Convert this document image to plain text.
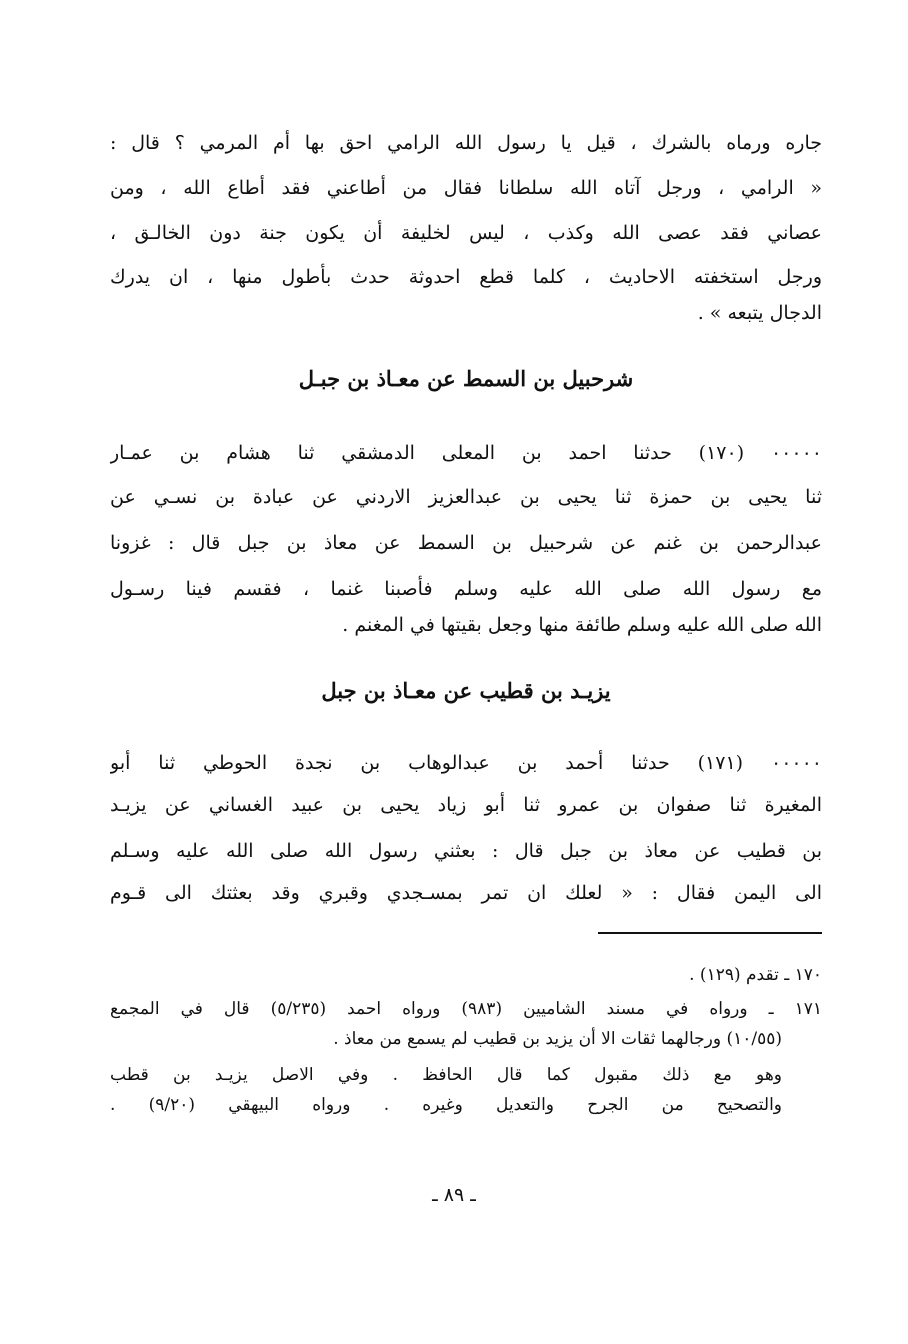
جاره ورماه بالشرك ، قيل يا رسول الله الرامي احق بها أم المرمي ؟ قال :
« الرامي ، ورجل آتاه الله سلطانا فقال من أطاعني فقد أطاع الله ، ومن
عصاني فقد عصى الله وكذب ، ليس لخليفة أن يكون جنة دون الخالـق ،
ورجل استخفته الاحاديث ، كلما قطع احدوثة حدث بأطول منها ، ان يدرك
الدجال يتبعه » .
شرحبيل بن السمط عن معـاذ بن جبـل
٠٠٠٠٠ (١٧٠) حدثنا احمد بن المعلى الدمشقي ثنا هشام بن عمـار
ثنا يحيى بن حمزة ثنا يحيى بن عبدالعزيز الاردني عن عبادة بن نسـي عن
عبدالرحمن بن غنم عن شرحبيل بن السمط عن معاذ بن جبل قال : غزونا
مع رسول الله صلى الله عليه وسلم فأصبنا غنما ، فقسم فينا رسـول
الله صلى الله عليه وسلم طائفة منها وجعل بقيتها في المغنم .
يزيـد بن قطيب عن معـاذ بن جبل
٠٠٠٠٠ (١٧١) حدثنا أحمد بن عبدالوهاب بن نجدة الحوطي ثنا أبو
المغيرة ثنا صفوان بن عمرو ثنا أبو زياد يحيى بن عبيد الغساني عن يزيـد
بن قطيب عن معاذ بن جبل قال : بعثني رسول الله صلى الله عليه وسـلم
الى اليمن فقال : « لعلك ان تمر بمسـجدي وقبري وقد بعثتك الى قـوم
١٧٠ ـ تقدم (١٢٩) .
١٧١ ـ ورواه في مسند الشاميين (٩٨٣) ورواه احمد (٥/٢٣٥) قال في المجمع
(١٠/٥٥) ورجالهما ثقات الا أن يزيد بن قطيب لم يسمع من معاذ .
وهو مع ذلك مقبول كما قال الحافظ . وفي الاصل يزيـد بن قطب
والتصحيح من الجرح والتعديل وغيره . ورواه البيهقي (٩/٢٠) .
ـ ٨٩ ـ
